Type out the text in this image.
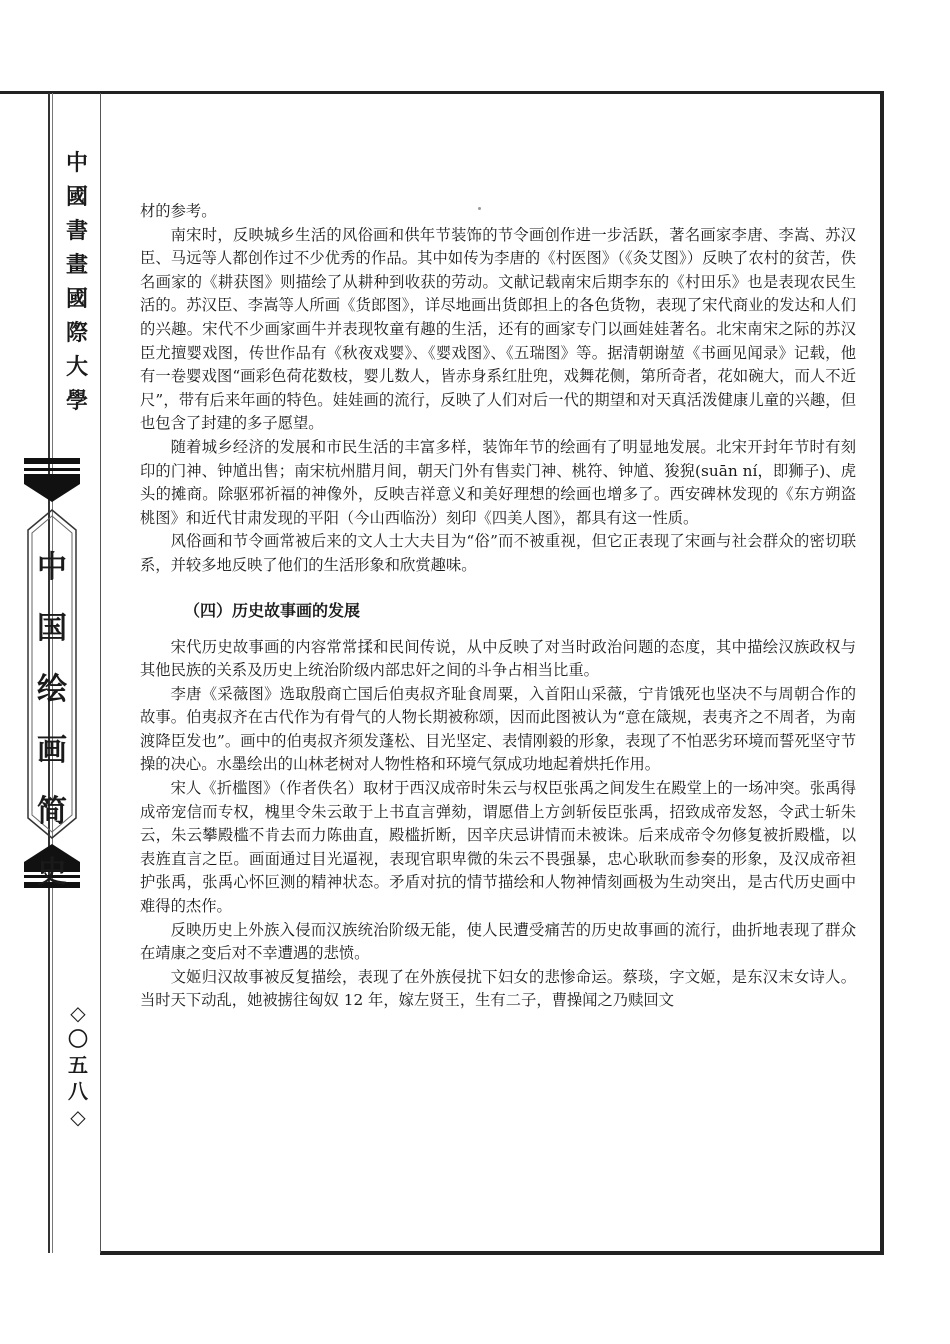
中
國
書
畫
國
際
大
學
中
国
绘
画
简
史
◇
〇
五
八
◇

材的参考。

南宋时，反映城乡生活的风俗画和供年节装饰的节令画创作进一步活跃，著名画家李唐、李嵩、苏汉臣、马远等人都创作过不少优秀的作品。其中如传为李唐的《村医图》（《灸艾图》）反映了农村的贫苦，佚名画家的《耕获图》则描绘了从耕种到收获的劳动。文献记载南宋后期李东的《村田乐》也是表现农民生活的。苏汉臣、李嵩等人所画《货郎图》，详尽地画出货郎担上的各色货物，表现了宋代商业的发达和人们的兴趣。宋代不少画家画牛并表现牧童有趣的生活，还有的画家专门以画娃娃著名。北宋南宋之际的苏汉臣尤擅婴戏图，传世作品有《秋夜戏婴》、《婴戏图》、《五瑞图》等。据清朝谢堃《书画见闻录》记载，他有一卷婴戏图“画彩色荷花数枝，婴儿数人，皆赤身系红肚兜，戏舞花侧，第所奇者，花如碗大，而人不近尺”，带有后来年画的特色。娃娃画的流行，反映了人们对后一代的期望和对天真活泼健康儿童的兴趣，但也包含了封建的多子愿望。

随着城乡经济的发展和市民生活的丰富多样，装饰年节的绘画有了明显地发展。北宋开封年节时有刻印的门神、钟馗出售；南宋杭州腊月间，朝天门外有售卖门神、桃符、钟馗、狻猊(suān ní，即狮子)、虎头的摊商。除驱邪祈福的神像外，反映吉祥意义和美好理想的绘画也增多了。西安碑林发现的《东方朔盗桃图》和近代甘肃发现的平阳（今山西临汾）刻印《四美人图》，都具有这一性质。

风俗画和节令画常被后来的文人士大夫目为“俗”而不被重视，但它正表现了宋画与社会群众的密切联系，并较多地反映了他们的生活形象和欣赏趣味。

（四）历史故事画的发展

宋代历史故事画的内容常常揉和民间传说，从中反映了对当时政治问题的态度，其中描绘汉族政权与其他民族的关系及历史上统治阶级内部忠奸之间的斗争占相当比重。

李唐《采薇图》选取殷商亡国后伯夷叔齐耻食周粟，入首阳山采薇，宁肯饿死也坚决不与周朝合作的故事。伯夷叔齐在古代作为有骨气的人物长期被称颂，因而此图被认为“意在箴规，表夷齐之不周者，为南渡降臣发也”。画中的伯夷叔齐须发蓬松、目光坚定、表情刚毅的形象，表现了不怕恶劣环境而誓死坚守节操的决心。水墨绘出的山林老树对人物性格和环境气氛成功地起着烘托作用。

宋人《折槛图》（作者佚名）取材于西汉成帝时朱云与权臣张禹之间发生在殿堂上的一场冲突。张禹得成帝宠信而专权，槐里令朱云敢于上书直言弹劾，谓愿借上方剑斩佞臣张禹，招致成帝发怒，令武士斩朱云，朱云攀殿槛不肯去而力陈曲直，殿槛折断，因辛庆忌讲情而未被诛。后来成帝令勿修复被折殿槛，以表旌直言之臣。画面通过目光逼视，表现官职卑微的朱云不畏强暴，忠心耿耿而参奏的形象，及汉成帝袒护张禹，张禹心怀叵测的精神状态。矛盾对抗的情节描绘和人物神情刻画极为生动突出，是古代历史画中难得的杰作。

反映历史上外族入侵而汉族统治阶级无能，使人民遭受痛苦的历史故事画的流行，曲折地表现了群众在靖康之变后对不幸遭遇的悲愤。

文姬归汉故事被反复描绘，表现了在外族侵扰下妇女的悲惨命运。蔡琰，字文姬，是东汉末女诗人。当时天下动乱，她被掳往匈奴 12 年，嫁左贤王，生有二子，曹操闻之乃赎回文
